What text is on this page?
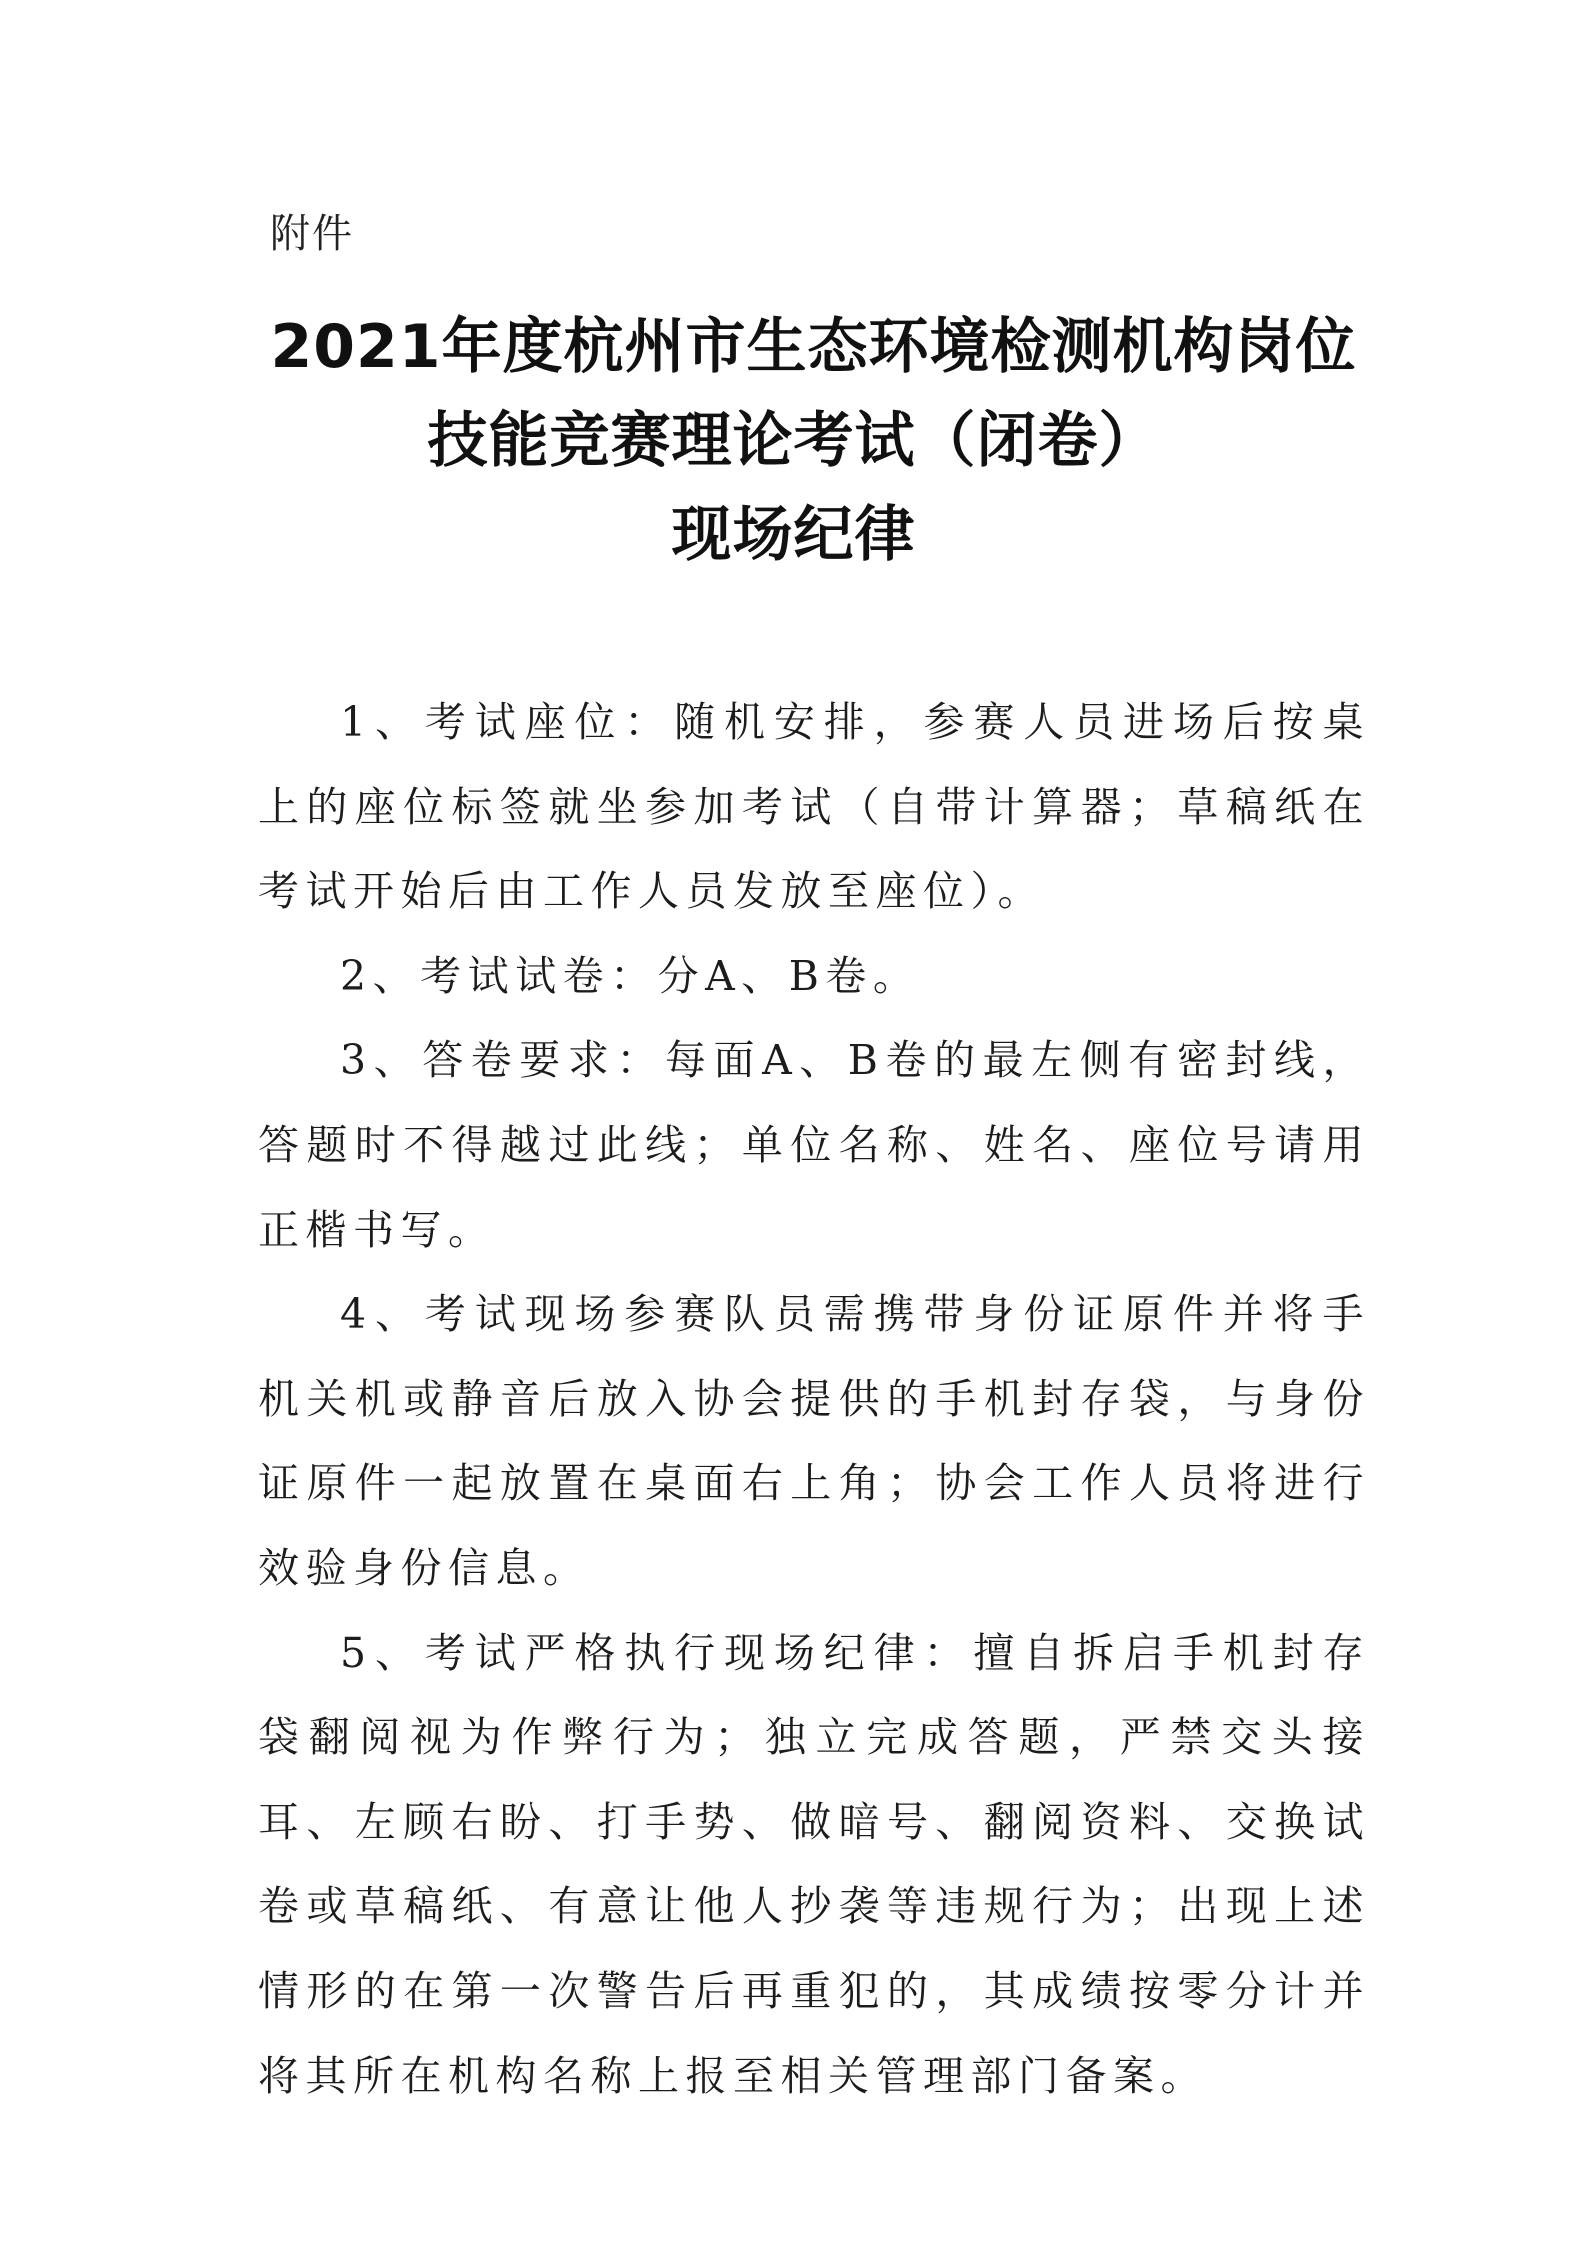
附件
2021年度杭州市生态环境检测机构岗位
技能竞赛理论考试（闭卷）
现场纪律

1、考试座位：随机安排，参赛人员进场后按桌上的座位标签就坐参加考试（自带计算器；草稿纸在考试开始后由工作人员发放至座位）。

2、考试试卷：分A、B卷。

3、答卷要求：每面A、B卷的最左侧有密封线，答题时不得越过此线；单位名称、姓名、座位号请用正楷书写。

4、考试现场参赛队员需携带身份证原件并将手机关机或静音后放入协会提供的手机封存袋，与身份证原件一起放置在桌面右上角；协会工作人员将进行效验身份信息。

5、考试严格执行现场纪律：擅自拆启手机封存袋翻阅视为作弊行为；独立完成答题，严禁交头接耳、左顾右盼、打手势、做暗号、翻阅资料、交换试卷或草稿纸、有意让他人抄袭等违规行为；出现上述情形的在第一次警告后再重犯的，其成绩按零分计并将其所在机构名称上报至相关管理部门备案。
